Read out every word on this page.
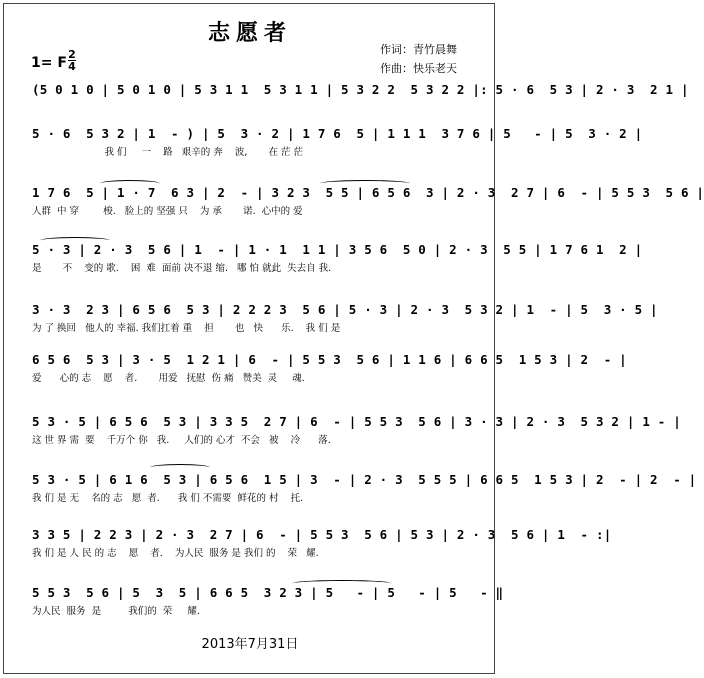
志愿者
作词：青竹晨舞
作曲：快乐老天
1= F
2
4
(5 0 1 0 | 5 0 1 0 | 5 3 1 1  5 3 1 1 | 5 3 2 2  5 3 2 2 |: 5 · 6  5 3 | 2 · 3  2 1 |
5 · 6  5 3 2 | 1  - ) | 5  3 · 2 | 1 7 6  5 | 1 1 1  3 7 6 | 5   - | 5  3 · 2 |
我 们     一    路   艰辛的 奔    波,       在 茫 茫
1 7 6  5 | 1 · 7  6 3 | 2  - | 3 2 3  5 5 | 6 5 6  3 | 2 · 3  2 7 | 6  - | 5 5 3  5 6 |
人群  中 穿        梭.   脸上的 坚强 只    为 承       诺.  心中的 爱
5 · 3 | 2 · 3  5 6 | 1  - | 1 · 1  1 1 | 3 5 6  5 0 | 2 · 3  5 5 | 1 7 6 1  2 |
是       不    变的 歌.    困  难  面前 决不退 缩.   哪 怕 就此  失去自 我.
3 · 3  2 3 | 6 5 6  5 3 | 2 2 2 3  5 6 | 5 · 3 | 2 · 3  5 3 2 | 1  - | 5  3 · 5 |
为 了 换回   他人的 幸福. 我们扛着 重    担       也   快      乐.    我 们 是
6 5 6  5 3 | 3 · 5  1 2 1 | 6  - | 5 5 3  5 6 | 1 1 6 | 6 6 5  1 5 3 | 2  - |
爱      心的 志    愿    者.       用爱   抚慰  伤 痛   赞美  灵     魂.
5 3 · 5 | 6 5 6  5 3 | 3 3 5  2 7 | 6  - | 5 5 3  5 6 | 3 · 3 | 2 · 3  5 3 2 | 1 - |
这 世 界 需  要    千万个 你   我.     人们的 心才  不会   被    冷      落.
5 3 · 5 | 6 1 6  5 3 | 6 5 6  1 5 | 3  - | 2 · 3  5 5 5 | 6 6 5  1 5 3 | 2  - | 2  - |
我 们 是 无    名的 志   愿  者.      我 们 不需要  鲜花的 村    托.
3 3 5 | 2 2 3 | 2 · 3  2 7 | 6  - | 5 5 3  5 6 | 5 3 | 2 · 3  5 6 | 1  - :|
我 们 是 人 民 的 志    愿    者.    为人民  服务 是 我们 的    荣   耀.
5 5 3  5 6 | 5  3  5 | 6 6 5  3 2 3 | 5   - | 5   - | 5   - ‖
为人民  服务  是         我们的  荣     耀.
2013年7月31日
